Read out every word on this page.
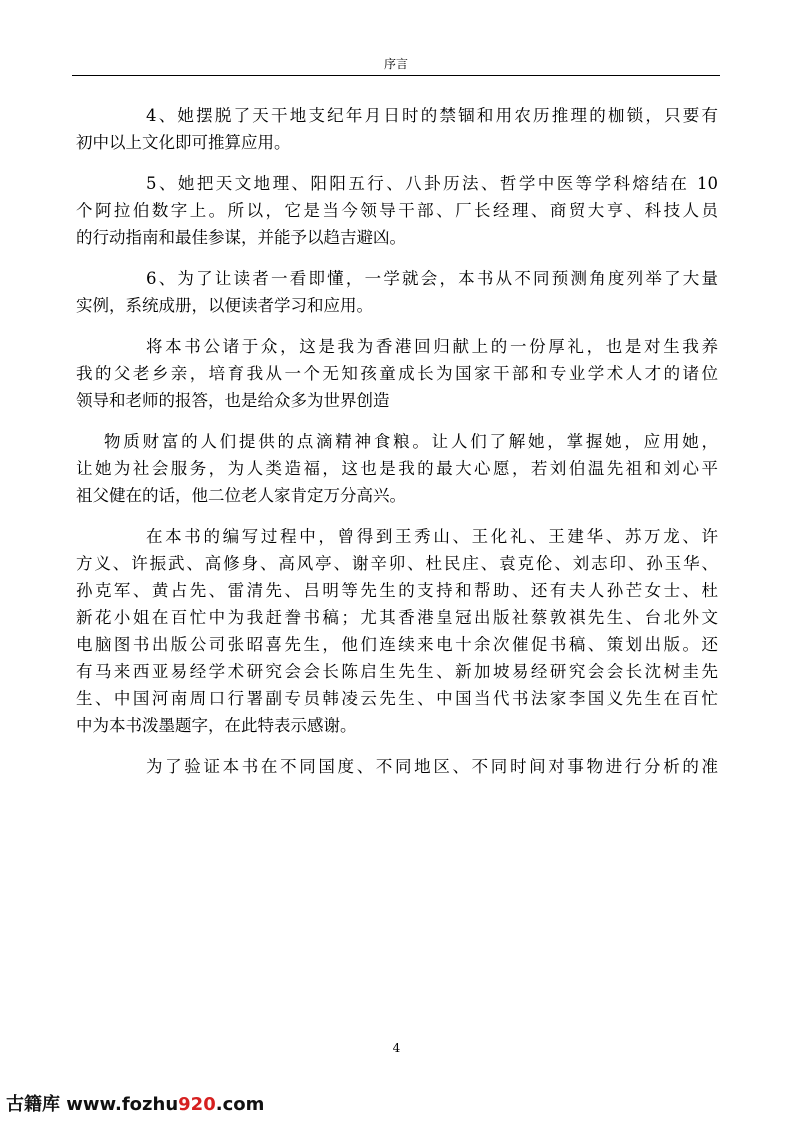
序言
4、她摆脱了天干地支纪年月日时的禁锢和用农历推理的枷锁，只要有
初中以上文化即可推算应用。
5、她把天文地理、阳阳五行、八卦历法、哲学中医等学科熔结在 10
个阿拉伯数字上。所以，它是当今领导干部、厂长经理、商贸大亨、科技人员
的行动指南和最佳参谋，并能予以趋吉避凶。
6、为了让读者一看即懂，一学就会，本书从不同预测角度列举了大量
实例，系统成册，以便读者学习和应用。
将本书公诸于众，这是我为香港回归献上的一份厚礼，也是对生我养
我的父老乡亲，培育我从一个无知孩童成长为国家干部和专业学术人才的诸位
领导和老师的报答，也是给众多为世界创造
物质财富的人们提供的点滴精神食粮。让人们了解她，掌握她，应用她，
让她为社会服务，为人类造福，这也是我的最大心愿，若刘伯温先祖和刘心平
祖父健在的话，他二位老人家肯定万分高兴。
在本书的编写过程中，曾得到王秀山、王化礼、王建华、苏万龙、许
方义、许振武、高修身、高风亭、谢辛卯、杜民庄、袁克伦、刘志印、孙玉华、
孙克军、黄占先、雷清先、吕明等先生的支持和帮助、还有夫人孙芒女士、杜
新花小姐在百忙中为我赶誊书稿；尤其香港皇冠出版社蔡敦祺先生、台北外文
电脑图书出版公司张昭喜先生，他们连续来电十余次催促书稿、策划出版。还
有马来西亚易经学术研究会会长陈启生先生、新加坡易经研究会会长沈树圭先
生、中国河南周口行署副专员韩凌云先生、中国当代书法家李国义先生在百忙
中为本书泼墨题字，在此特表示感谢。
为了验证本书在不同国度、不同地区、不同时间对事物进行分析的准
4
古籍库 www.fozhu920.com
